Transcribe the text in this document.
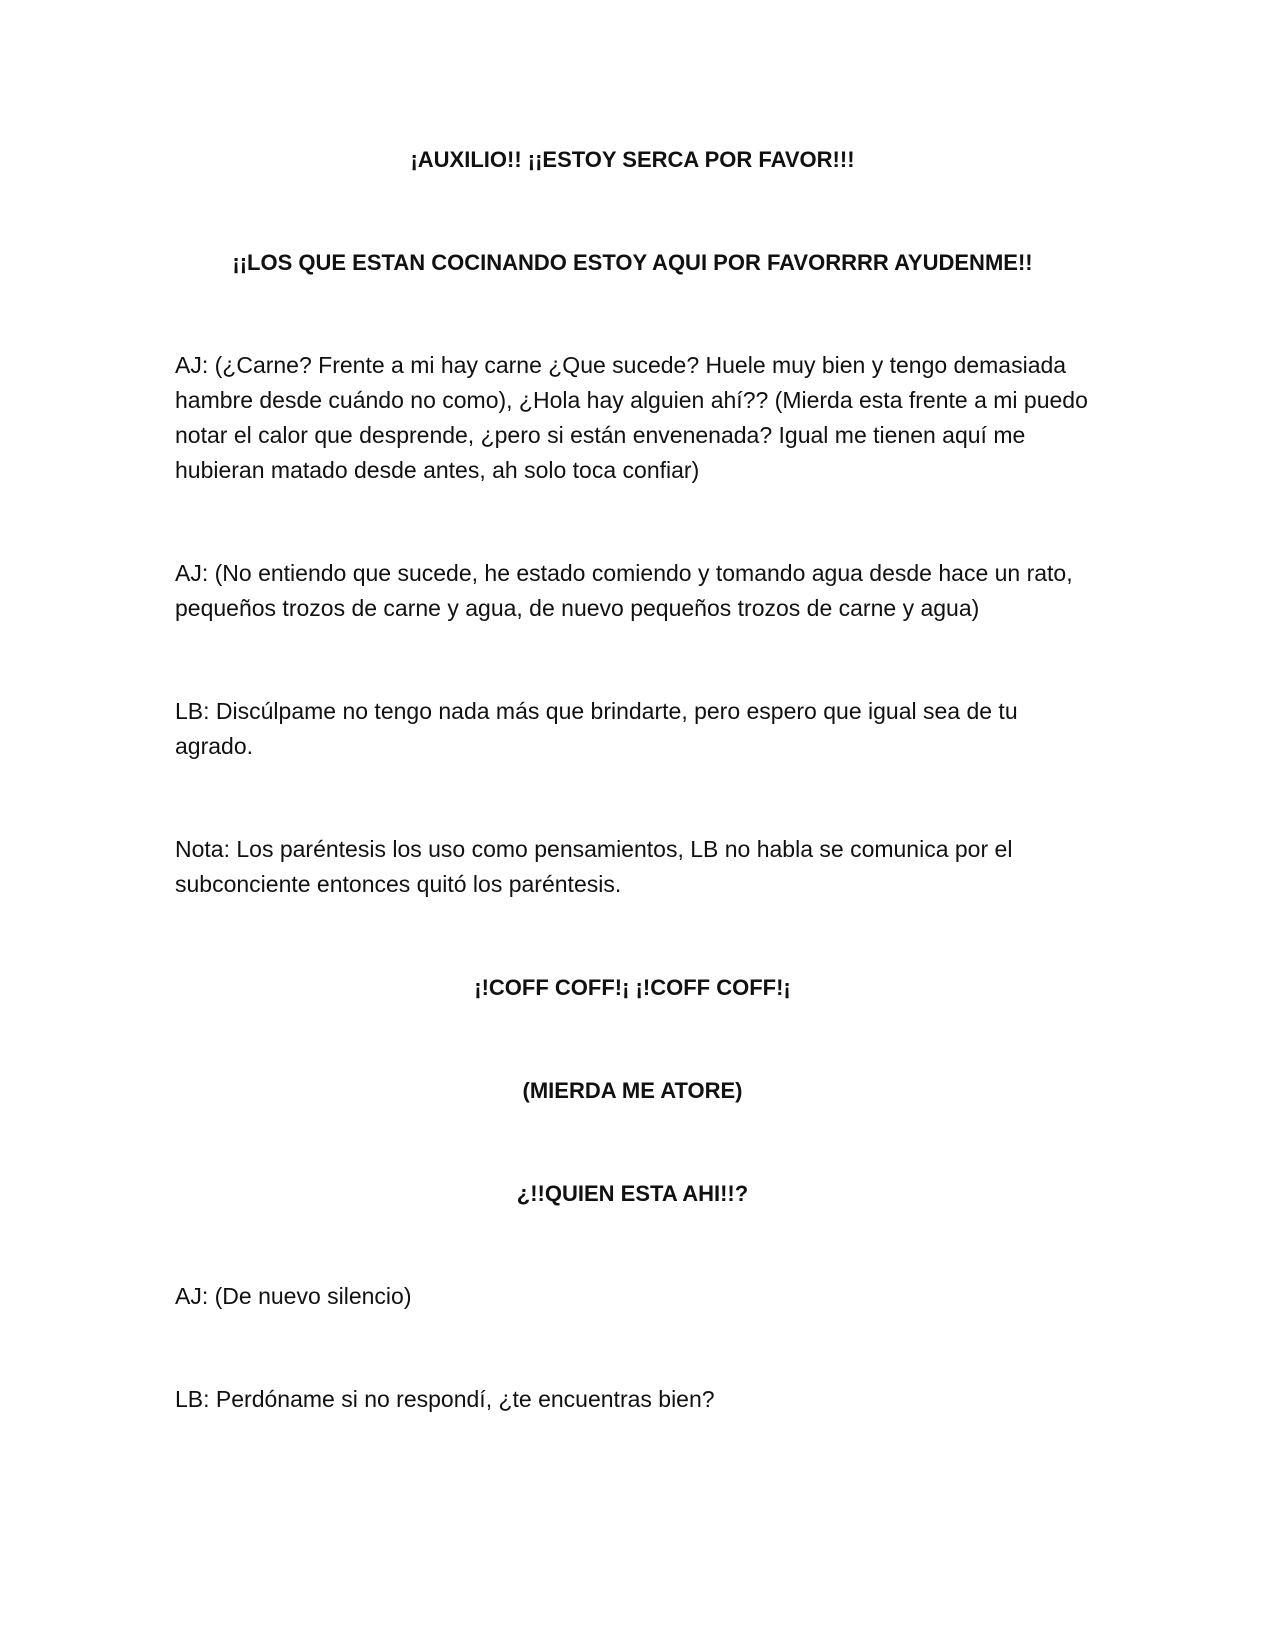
¡AUXILIO!! ¡¡ESTOY SERCA POR FAVOR!!!

¡¡LOS QUE ESTAN COCINANDO ESTOY AQUI POR FAVORRRR AYUDENME!!

AJ: (¿Carne? Frente a mi hay carne ¿Que sucede? Huele muy bien y tengo demasiada hambre desde cuándo no como), ¿Hola hay alguien ahí?? (Mierda esta frente a mi puedo notar el calor que desprende, ¿pero si están envenenada? Igual me tienen aquí me hubieran matado desde antes, ah solo toca confiar)

AJ: (No entiendo que sucede, he estado comiendo y tomando agua desde hace un rato, pequeños trozos de carne y agua, de nuevo pequeños trozos de carne y agua)

LB: Discúlpame no tengo nada más que brindarte, pero espero que igual sea de tu agrado.

Nota: Los paréntesis los uso como pensamientos, LB no habla se comunica por el subconciente entonces quitó los paréntesis.

¡!COFF COFF!¡ ¡!COFF COFF!¡

(MIERDA ME ATORE)

¿!!QUIEN ESTA AHI!!?

AJ: (De nuevo silencio)

LB: Perdóname si no respondí, ¿te encuentras bien?
